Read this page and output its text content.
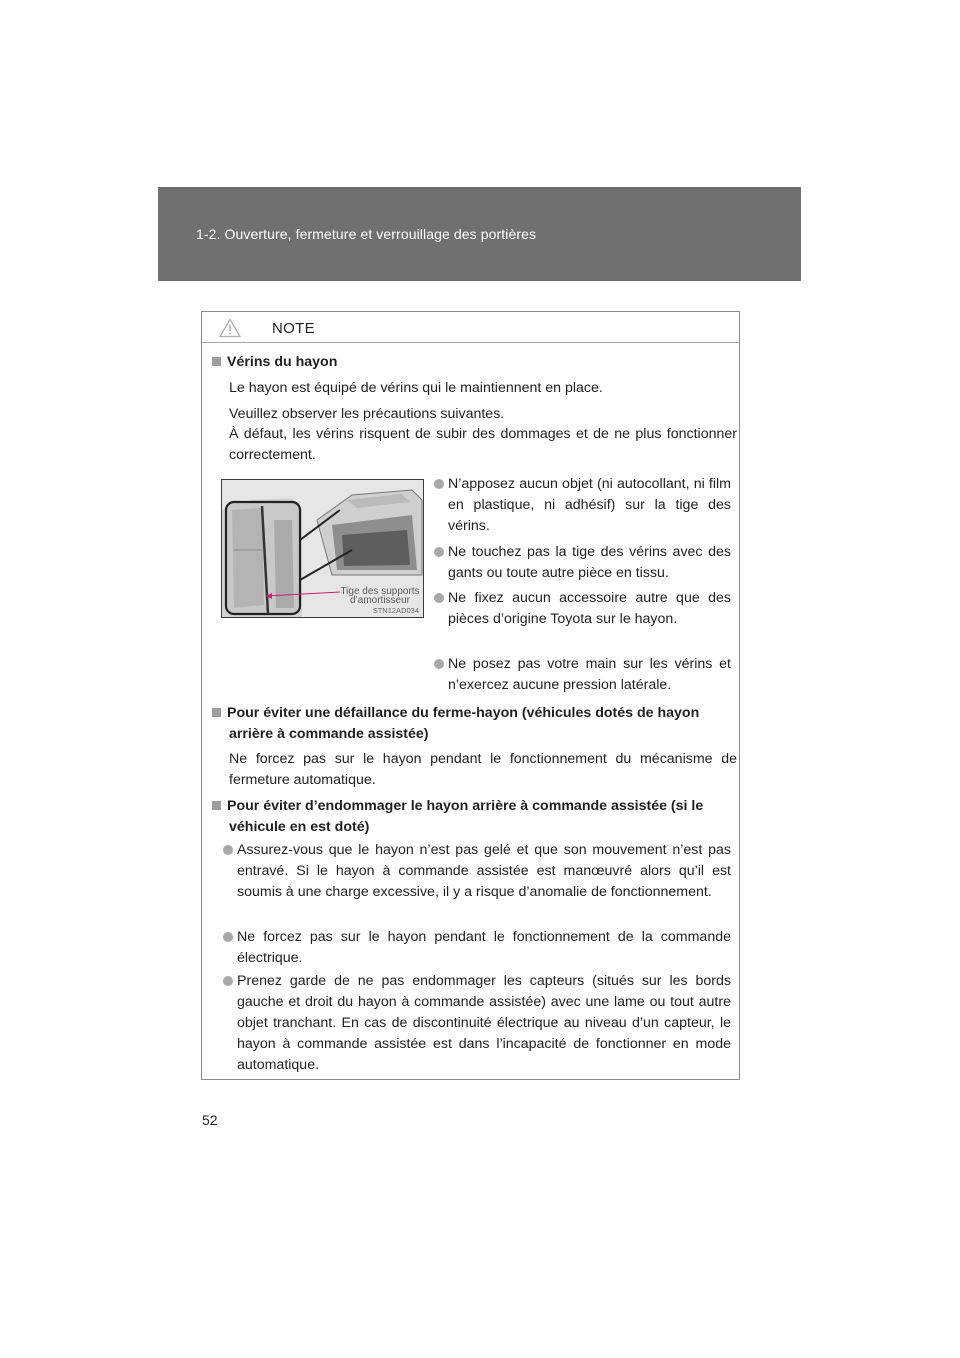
1-2. Ouverture, fermeture et verrouillage des portières
NOTE
Vérins du hayon
Le hayon est équipé de vérins qui le maintiennent en place.
Veuillez observer les précautions suivantes.
À défaut, les vérins risquent de subir des dommages et de ne plus fonctionner correctement.
Tige des supports
d’amortisseur
STN12AD034
N’apposez aucun objet (ni autocollant, ni film en plastique, ni adhésif) sur la tige des vérins.
Ne touchez pas la tige des vérins avec des gants ou toute autre pièce en tissu.
Ne fixez aucun accessoire autre que des pièces d’origine Toyota sur le hayon.
Ne posez pas votre main sur les vérins et n’exercez aucune pression latérale.
Pour éviter une défaillance du ferme-hayon (véhicules dotés de hayon
arrière à commande assistée)
Ne forcez pas sur le hayon pendant le fonctionnement du mécanisme de fermeture automatique.
Pour éviter d’endommager le hayon arrière à commande assistée (si le
véhicule en est doté)
Assurez-vous que le hayon n’est pas gelé et que son mouvement n’est pas entravé. Si le hayon à commande assistée est manœuvré alors qu’il est soumis à une charge excessive, il y a risque d’anomalie de fonctionnement.
Ne forcez pas sur le hayon pendant le fonctionnement de la commande électrique.
Prenez garde de ne pas endommager les capteurs (situés sur les bords gauche et droit du hayon à commande assistée) avec une lame ou tout autre objet tranchant. En cas de discontinuité électrique au niveau d’un capteur, le hayon à commande assistée est dans l’incapacité de fonctionner en mode automatique.
52
